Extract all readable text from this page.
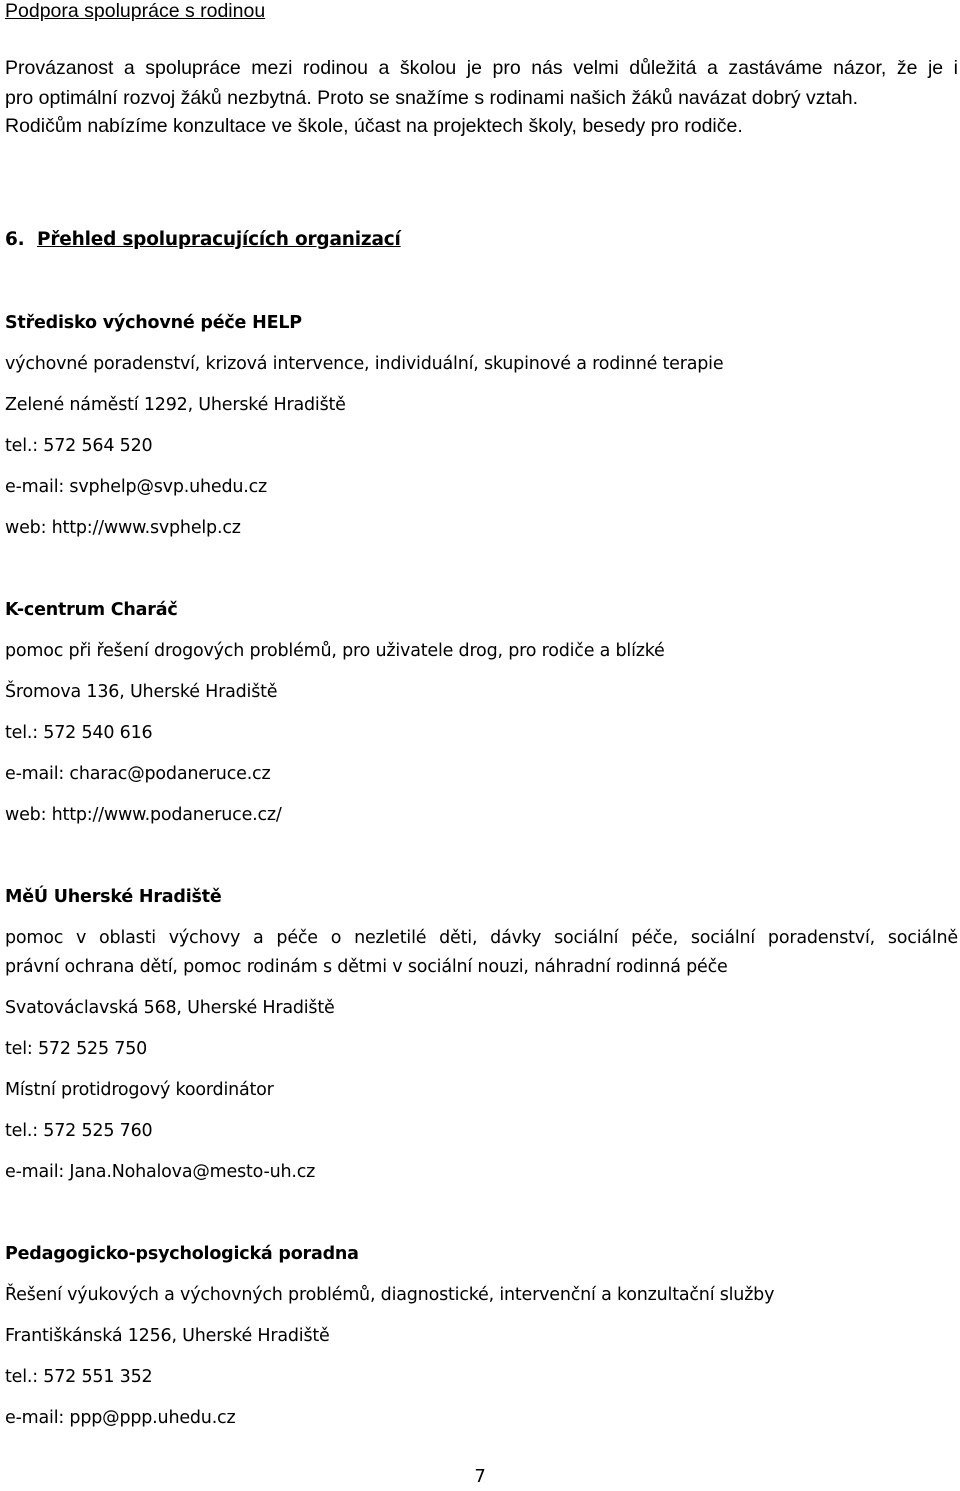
Podpora spolupráce s rodinou
Provázanost a spolupráce mezi rodinou a školou je pro nás velmi důležitá a zastáváme názor, že je i
pro optimální rozvoj žáků nezbytná. Proto se snažíme s rodinami našich žáků navázat dobrý vztah.
Rodičům nabízíme konzultace ve škole, účast na projektech školy, besedy pro rodiče.
6. Přehled spolupracujících organizací
Středisko výchovné péče HELP
výchovné poradenství, krizová intervence, individuální, skupinové a rodinné terapie
Zelené náměstí 1292, Uherské Hradiště
tel.: 572 564 520
e-mail: svphelp@svp.uhedu.cz
web: http://www.svphelp.cz
K-centrum Charáč
pomoc při řešení drogových problémů, pro uživatele drog, pro rodiče a blízké
Šromova 136, Uherské Hradiště
tel.: 572 540 616
e-mail: charac@podaneruce.cz
web: http://www.podaneruce.cz/
MěÚ Uherské Hradiště
pomoc v oblasti výchovy a péče o nezletilé děti, dávky sociální péče, sociální poradenství, sociálně
právní ochrana dětí, pomoc rodinám s dětmi v sociální nouzi, náhradní rodinná péče
Svatováclavská 568, Uherské Hradiště
tel: 572 525 750
Místní protidrogový koordinátor
tel.: 572 525 760
e-mail: Jana.Nohalova@mesto-uh.cz
Pedagogicko-psychologická poradna
Řešení výukových a výchovných problémů, diagnostické, intervenční a konzultační služby
Františkánská 1256, Uherské Hradiště
tel.: 572 551 352
e-mail: ppp@ppp.uhedu.cz
7
